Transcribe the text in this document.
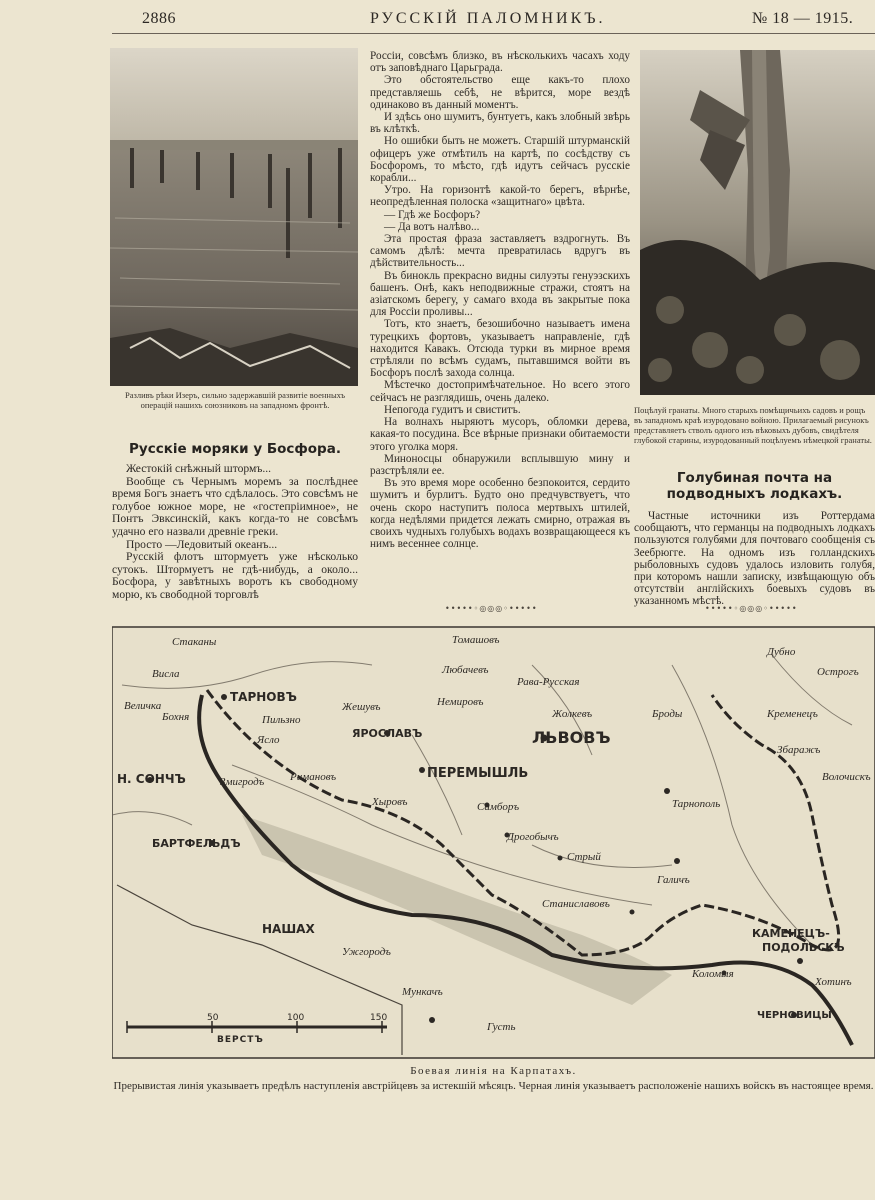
2886	РУССКІЙ ПАЛОМНИКЪ.	№ 18 — 1915.
Разливъ рѣки Изеръ, сильно задержавшій развитіе военныхъ операцій нашихъ союзниковъ на западномъ фронтѣ.
Русскіе моряки у Босфора.

Жестокій снѣжный штормъ...

Вообще съ Чернымъ моремъ за послѣднее время Богъ знаетъ что сдѣлалось. Это совсѣмъ не голубое южное море, не «гостепріимное», не Понтъ Эвксинскій, какъ когда-то не совсѣмъ удачно его назвали древніе греки.

Просто —Ледовитый океанъ...

Русскій флотъ штормуетъ уже нѣсколько сутокъ. Штормуетъ не гдѣ-нибудь, а около... Босфора, у завѣтныхъ воротъ къ свободному морю, къ свободной торговлѣ

Россіи, совсѣмъ близко, въ нѣсколькихъ часахъ ходу отъ заповѣднаго Царьграда.

Это обстоятельство еще какъ-то плохо представляешь себѣ, не вѣрится, море вездѣ одинаково въ данный моментъ.

И здѣсь оно шумитъ, бунтуетъ, какъ злобный звѣрь въ клѣткѣ.

Но ошибки быть не можетъ. Старшій штурманскій офицеръ уже отмѣтилъ на картѣ, по сосѣдству съ Босфоромъ, то мѣсто, гдѣ идутъ сейчасъ русскіе корабли...

Утро. На горизонтѣ какой-то берегъ, вѣрнѣе, неопредѣленная полоска «защитнаго» цвѣта.

— Гдѣ же Босфоръ?

— Да вотъ налѣво...

Эта простая фраза заставляетъ вздрогнуть. Въ самомъ дѣлѣ: мечта превратилась вдругъ въ дѣйствительность...

Въ бинокль прекрасно видны силуэты генуэзскихъ башенъ. Онѣ, какъ неподвижные стражи, стоятъ на азіатскомъ берегу, у самаго входа въ закрытые пока для Россіи проливы...

Тотъ, кто знаетъ, безошибочно называетъ имена турецкихъ фортовъ, указываетъ направленіе, гдѣ находится Кавакъ. Отсюда турки въ мирное время стрѣляли по всѣмъ судамъ, пытавшимся войти въ Босфоръ послѣ захода солнца.

Мѣстечко достопримѣчательное. Но всего этого сейчасъ не разглядишь, очень далеко.

Непогода гудитъ и свиститъ.

На волнахъ ныряютъ мусоръ, обломки дерева, какая-то посудина. Все вѣрные признаки обитаемости этого уголка моря.

Миноносцы обнаружили всплывшую мину и разстрѣляли ее.

Въ это время море особенно безпокоится, сердито шумитъ и бурлитъ. Будто оно предчувствуетъ, что очень скоро наступитъ полоса мертвыхъ штилей, когда недѣлями придется лежать смирно, отражая въ своихъ чудныхъ голубыхъ водахъ возвращающееся къ нимъ весеннее солнце.

Поцѣлуй гранаты. Много старыхъ помѣщичьихъ садовъ и рощъ въ западномъ краѣ изуродовано войною. Прилагаемый рисунокъ представляетъ стволъ одного изъ вѣковыхъ дубовъ, свидѣтеля глубокой старины, изуродованный поцѣлуемъ нѣмецкой гранаты.
Голубиная почта на подводныхъ лодкахъ.

Частные источники изъ Роттердама сообщаютъ, что германцы на подводныхъ лодкахъ пользуются голубями для почтоваго сообщенія съ Зеебрюгге. На одномъ изъ голландскихъ рыболовныхъ судовъ удалось изловить голубя, при которомъ нашли записку, извѣщающую объ отсутствіи англійскихъ боевыхъ судовъ въ указанномъ мѣстѣ.

•••••◦◎◎◎◦•••••	•••••◦◎◎◎◦•••••
ТАРНОВЪ
ЯРОСЛАВЪ
ПЕРЕМЫШЛЬ
ЛЬВОВЪ
Н. СОНЧЪ
БАРТФЕЛЬДЪ
НАШАХ	КАМЕНЕЦЪ-
ПОДОЛЬСКЪ
ЧЕРНОВИЦЫ
Стаканы
Висла
Величка
Бохня	Пильзно
Ясло
Змигродъ Римановъ
Жешувъ
Хыровъ	Самборъ
Дрогобычъ
Стрый
Станиславовъ
Галичъ
Коломыя
Ужгородъ
Мункачъ
Густь
Томашовъ
Любачевъ
Немировъ
Рава-Русская
Жолкевъ	Броды
Тарнополь
Дубно
Острогъ
Кременецъ
Збаражъ
Волочискъ
Хотинъ
50	100	150
ВЕРСТЪ
Боевая линія на Карпатахъ.
Прерывистая линія указываетъ предѣлъ наступленія австрійцевъ за истекшій мѣсяцъ. Черная линія указываетъ расположеніе нашихъ войскъ въ настоящее время.
